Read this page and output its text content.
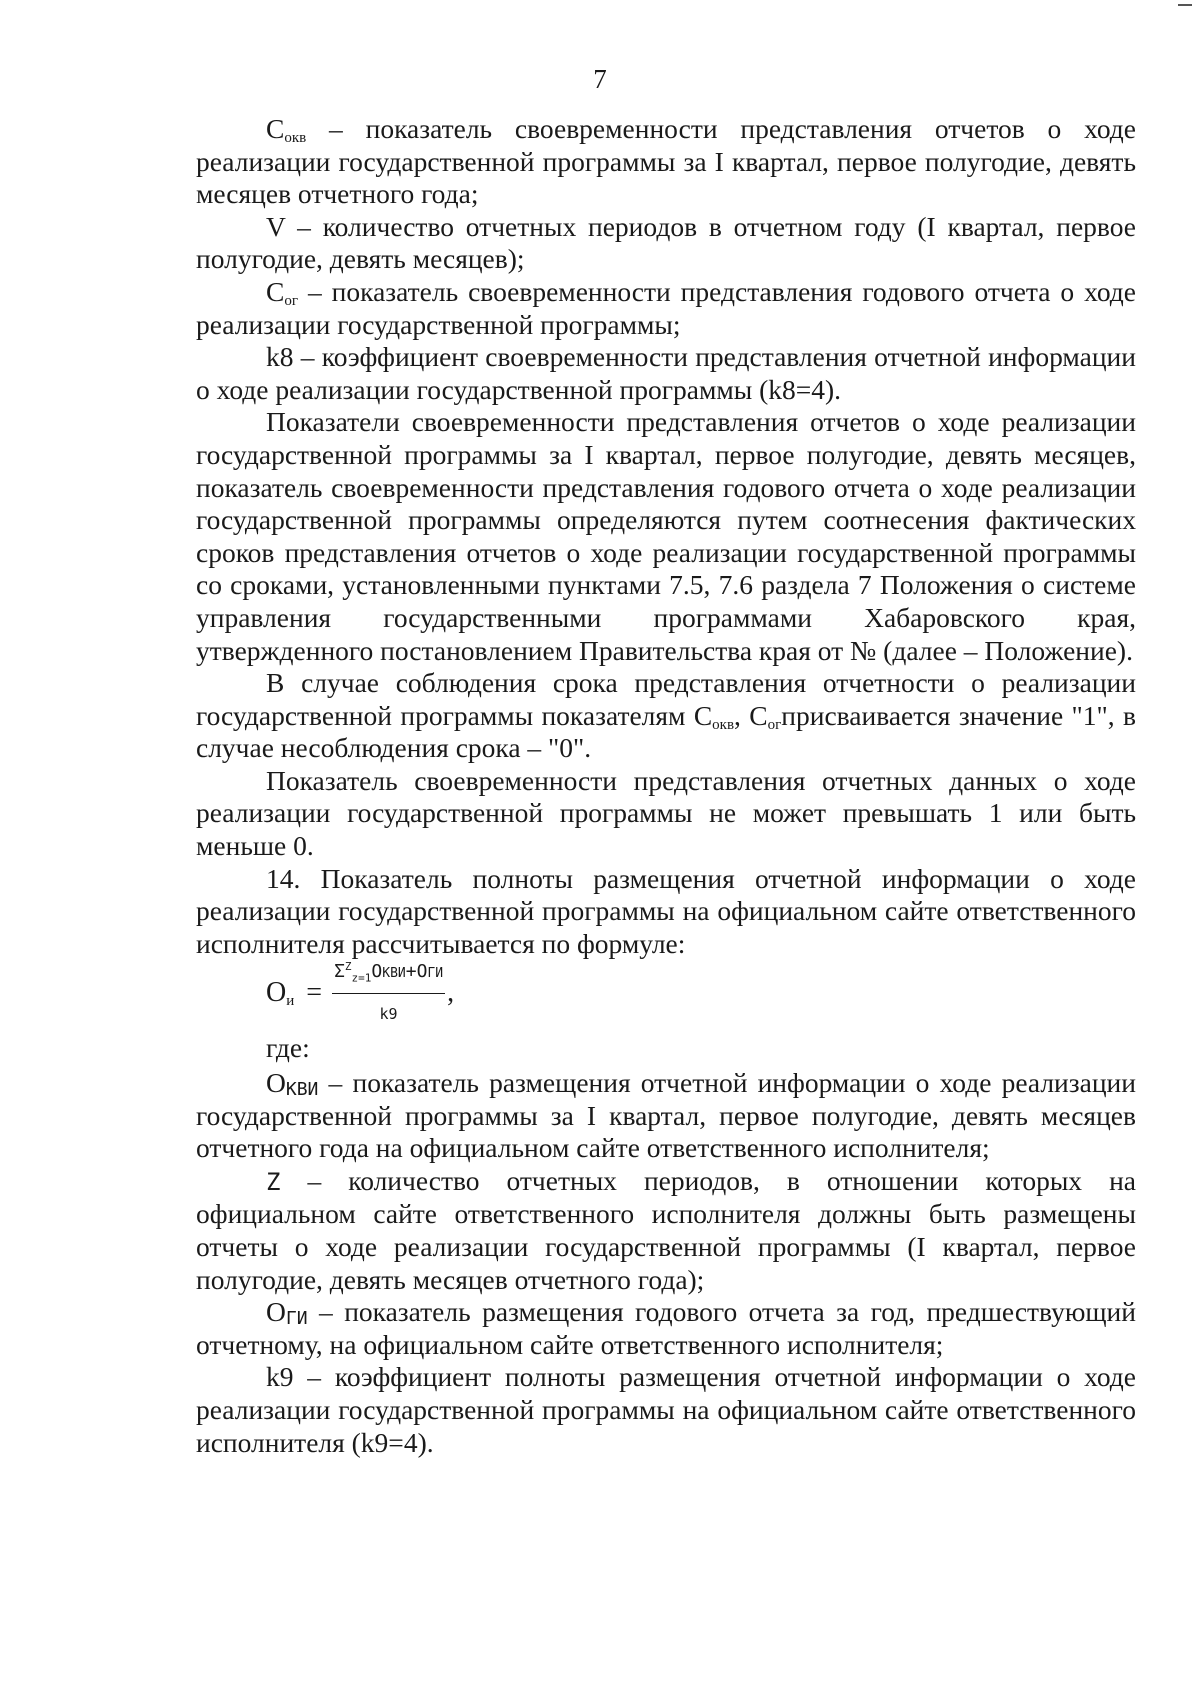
7

$С_{окв}$ – показатель своевременности представления отчетов о ходе реализации государственной программы за I квартал, первое полугодие, девять месяцев отчетного года;

V – количество отчетных периодов в отчетном году (I квартал, первое полугодие, девять месяцев);

$С_{ог}$ – показатель своевременности представления годового отчета о ходе реализации государственной программы;

k8 – коэффициент своевременности представления отчетной информации о ходе реализации государственной программы (k8=4).

Показатели своевременности представления отчетов о ходе реализации государственной программы за I квартал, первое полугодие, девять месяцев, показатель своевременности представления годового отчета о ходе реализации государственной программы определяются путем соотнесения фактических сроков представления отчетов о ходе реализации государственной программы со сроками, установленными пунктами 7.5, 7.6 раздела 7 Положения о системе управления государственными программами Хабаровского края, утвержденного постановлением Правительства края от № (далее – Положение).

В случае соблюдения срока представления отчетности о реализации государственной программы показателям $С_{окв}$, $С_{ог}присваивается$ значение "1", в случае несоблюдения срока – "0".

Показатель своевременности представления отчетных данных о ходе реализации государственной программы не может превышать 1 или быть меньше 0.

14. Показатель полноты размещения отчетной информации о ходе реализации государственной программы на официальном сайте ответственного исполнителя рассчитывается по формуле:

$О_и = \frac{\Sigma^Z_{z=1}ОКВИ+ОГИ}{k9}$ ,

где:

$О_{КВИ}$ – показатель размещения отчетной информации о ходе реализации государственной программы за I квартал, первое полугодие, девять месяцев отчетного года на официальном сайте ответственного исполнителя;

Z – количество отчетных периодов, в отношении которых на официальном сайте ответственного исполнителя должны быть размещены отчеты о ходе реализации государственной программы (I квартал, первое полугодие, девять месяцев отчетного года);

$О_{ГИ}$ – показатель размещения годового отчета за год, предшествующий отчетному, на официальном сайте ответственного исполнителя;

k9 – коэффициент полноты размещения отчетной информации о ходе реализации государственной программы на официальном сайте ответственного исполнителя (k9=4).
